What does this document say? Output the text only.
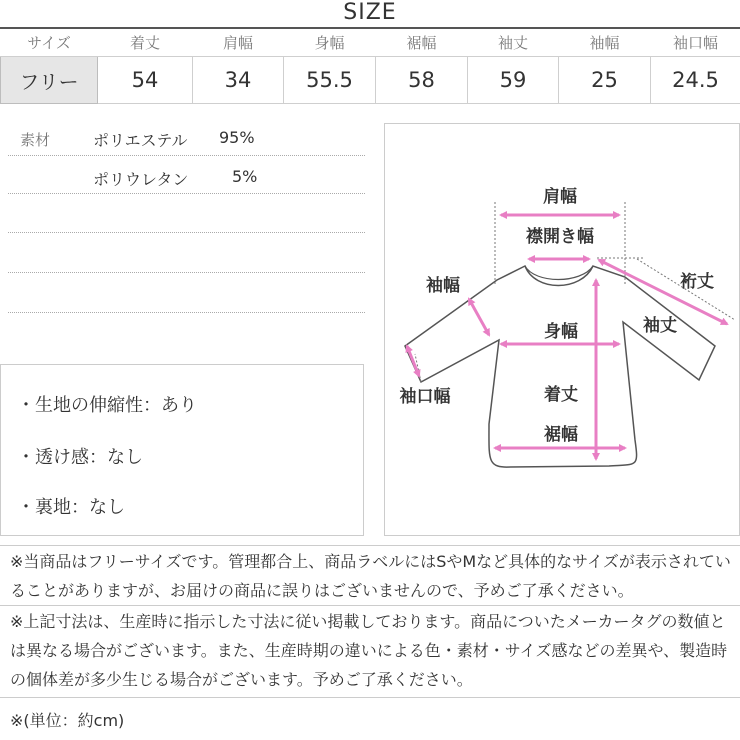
SIZE
サイズ	着丈	肩幅	身幅	裾幅	袖丈	袖幅	袖口幅
フリー	54	34	55.5	58	59	25	24.5
素材	ポリエステル 95%
ポリウレタン	5%
・生地の伸縮性：あり
・透け感：なし
・裏地：なし
肩幅
襟開き幅
裄丈
袖幅
袖丈
身幅
袖口幅	着丈
裾幅
※当商品はフリーサイズです。管理都合上、商品ラベルにはSやMなど具体的なサイズが表示されていることがありますが、お届けの商品に誤りはございませんので、予めご了承ください。
※上記寸法は、生産時に指示した寸法に従い掲載しております。商品についたメーカータグの数値とは異なる場合がございます。また、生産時期の違いによる色・素材・サイズ感などの差異や、製造時の個体差が多少生じる場合がございます。予めご了承ください。
※(単位：約cm)
